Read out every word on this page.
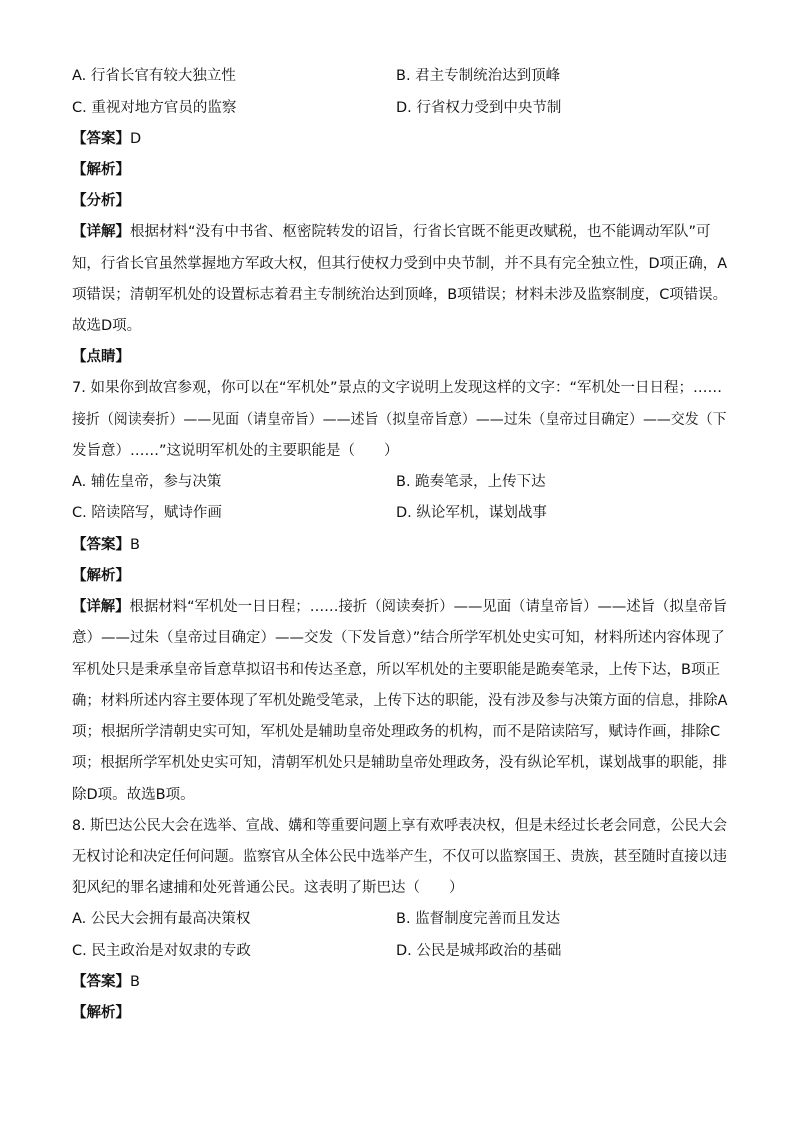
A. 行省长官有较大独立性	B. 君主专制统治达到顶峰
C. 重视对地方官员的监察	D. 行省权力受到中央节制
【答案】D
【解析】
【分析】
【详解】根据材料“没有中书省、枢密院转发的诏旨，行省长官既不能更改赋税，也不能调动军队”可
知，行省长官虽然掌握地方军政大权，但其行使权力受到中央节制，并不具有完全独立性，D项正确，A
项错误；清朝军机处的设置标志着君主专制统治达到顶峰，B项错误；材料未涉及监察制度，C项错误。
故选D项。
【点睛】
7. 如果你到故宫参观，你可以在“军机处”景点的文字说明上发现这样的文字：“军机处一日日程；……
接折（阅读奏折）——见面（请皇帝旨）——述旨（拟皇帝旨意）——过朱（皇帝过目确定）——交发（下
发旨意）……”这说明军机处的主要职能是（　　）
A. 辅佐皇帝，参与决策	B. 跪奏笔录，上传下达
C. 陪读陪写，赋诗作画	D. 纵论军机，谋划战事
【答案】B
【解析】
【详解】根据材料“军机处一日日程；……接折（阅读奏折）——见面（请皇帝旨）——述旨（拟皇帝旨
意）——过朱（皇帝过目确定）——交发（下发旨意）”结合所学军机处史实可知，材料所述内容体现了
军机处只是秉承皇帝旨意草拟诏书和传达圣意，所以军机处的主要职能是跪奏笔录，上传下达，B项正
确；材料所述内容主要体现了军机处跪受笔录，上传下达的职能，没有涉及参与决策方面的信息，排除A
项；根据所学清朝史实可知，军机处是辅助皇帝处理政务的机构，而不是陪读陪写，赋诗作画，排除C
项；根据所学军机处史实可知，清朝军机处只是辅助皇帝处理政务，没有纵论军机，谋划战事的职能，排
除D项。故选B项。
8. 斯巴达公民大会在选举、宣战、媾和等重要问题上享有欢呼表决权，但是未经过长老会同意，公民大会
无权讨论和决定任何问题。监察官从全体公民中选举产生，不仅可以监察国王、贵族，甚至随时直接以违
犯风纪的罪名逮捕和处死普通公民。这表明了斯巴达（　　）
A. 公民大会拥有最高决策权	B. 监督制度完善而且发达
C. 民主政治是对奴隶的专政	D. 公民是城邦政治的基础
【答案】B
【解析】
